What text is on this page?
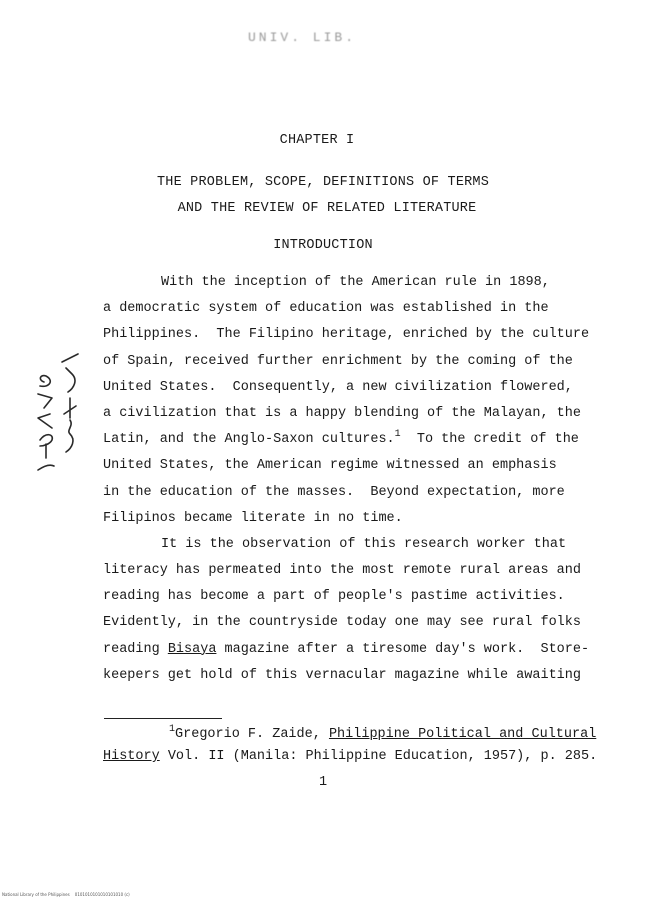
UNIV. LIB.
CHAPTER I
THE PROBLEM, SCOPE, DEFINITIONS OF TERMS
AND THE REVIEW OF RELATED LITERATURE
INTRODUCTION
With the inception of the American rule in 1898,
a democratic system of education was established in the
Philippines.  The Filipino heritage, enriched by the culture
of Spain, received further enrichment by the coming of the
United States.  Consequently, a new civilization flowered,
a civilization that is a happy blending of the Malayan, the
Latin, and the Anglo-Saxon cultures.$^1$  To the credit of the
United States, the American regime witnessed an emphasis
in the education of the masses.  Beyond expectation, more
Filipinos became literate in no time.
It is the observation of this research worker that
literacy has permeated into the most remote rural areas and
reading has become a part of people's pastime activities.
Evidently, in the countryside today one may see rural folks
reading Bisaya magazine after a tiresome day's work.  Store-
keepers get hold of this vernacular magazine while awaiting
$^1$Gregorio F. Zaide, Philippine Political and Cultural
History Vol. II (Manila: Philippine Education, 1957), p. 285.
1
National Library of the Philippines    0101010101010101010 (c)
